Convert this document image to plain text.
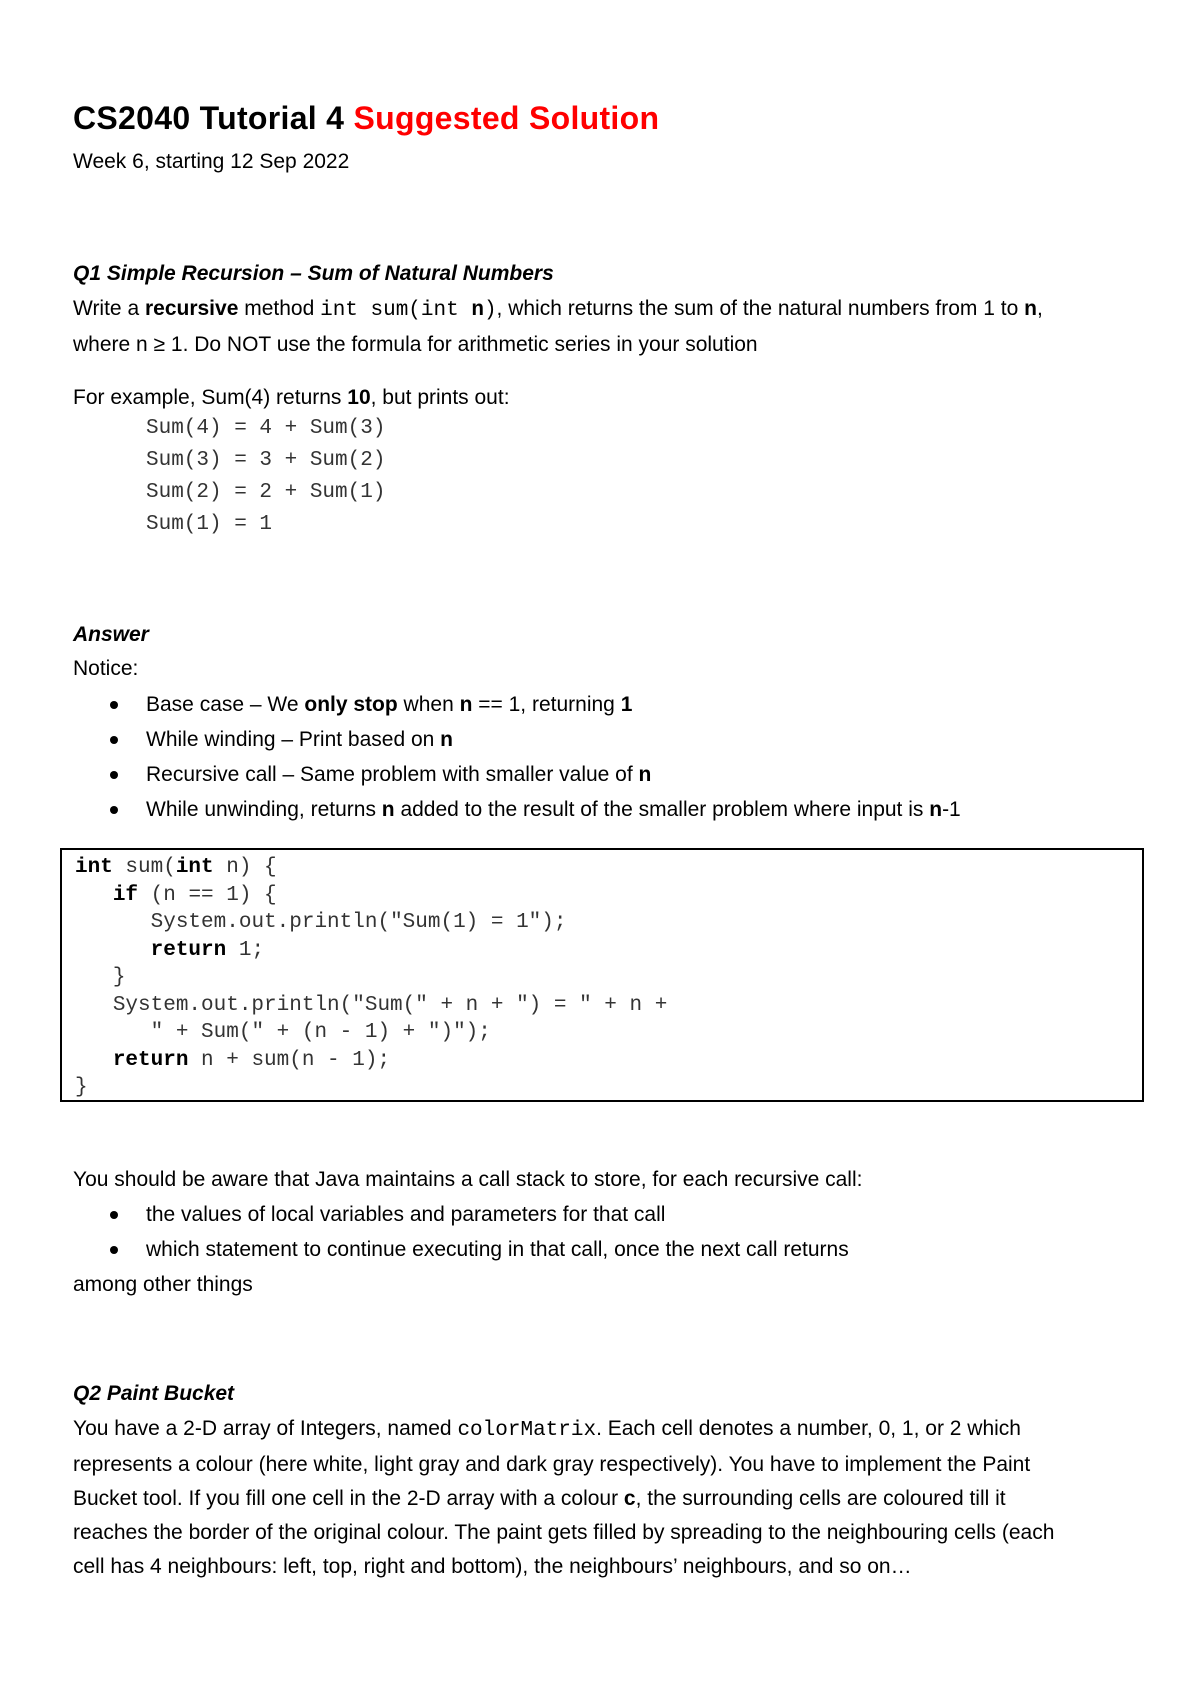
CS2040 Tutorial 4 Suggested Solution
Week 6, starting 12 Sep 2022
Q1 Simple Recursion – Sum of Natural Numbers
Write a recursive method int sum(int n), which returns the sum of the natural numbers from 1 to n,
where n ≥ 1. Do NOT use the formula for arithmetic series in your solution
For example, Sum(4) returns 10, but prints out:
Sum(4) = 4 + Sum(3)
Sum(3) = 3 + Sum(2)
Sum(2) = 2 + Sum(1)
Sum(1) = 1
Answer
Notice:
Base case – We only stop when n == 1, returning 1
While winding – Print based on n
Recursive call – Same problem with smaller value of n
While unwinding, returns n added to the result of the smaller problem where input is n-1
int sum(int n) {
if (n == 1) {
System.out.println("Sum(1) = 1");
return 1;
}
System.out.println("Sum(" + n + ") = " + n +
" + Sum(" + (n - 1) + ")");
return n + sum(n - 1);
}
You should be aware that Java maintains a call stack to store, for each recursive call:
the values of local variables and parameters for that call
which statement to continue executing in that call, once the next call returns
among other things
Q2 Paint Bucket
You have a 2-D array of Integers, named colorMatrix. Each cell denotes a number, 0, 1, or 2 which
represents a colour (here white, light gray and dark gray respectively). You have to implement the Paint
Bucket tool. If you fill one cell in the 2-D array with a colour c, the surrounding cells are coloured till it
reaches the border of the original colour. The paint gets filled by spreading to the neighbouring cells (each
cell has 4 neighbours: left, top, right and bottom), the neighbours’ neighbours, and so on…
